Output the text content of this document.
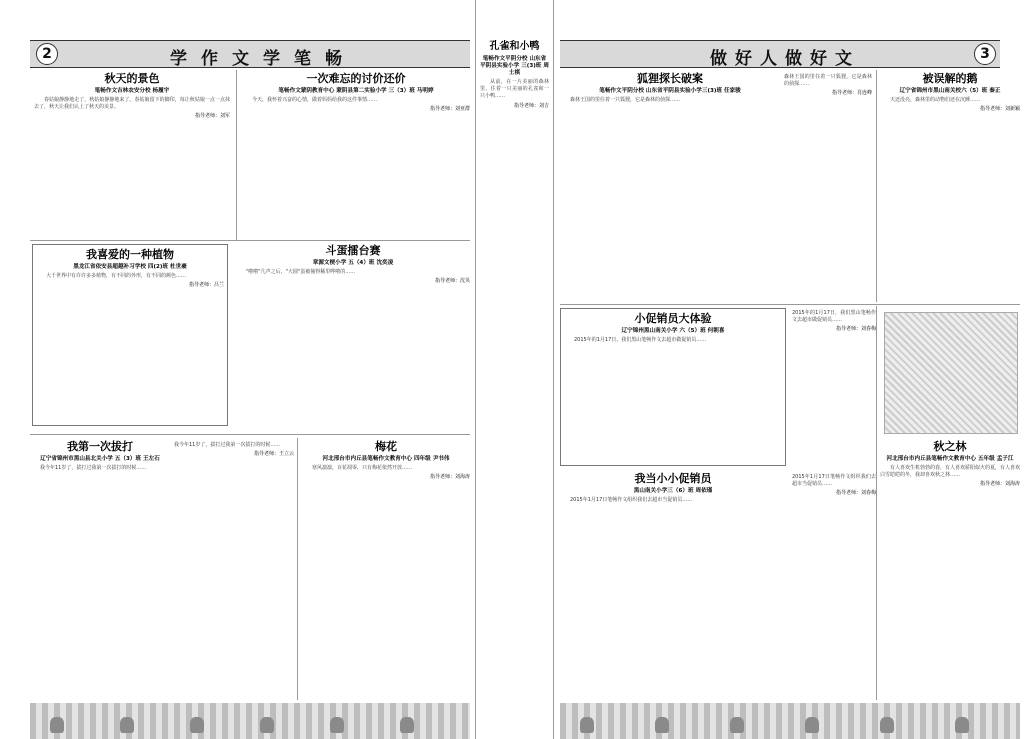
2	学作文学笔畅
秋天的景色
笔畅作文吉林农安分校 杨履宇
春姑娘静静地走了，秋姑娘静静地来了。春姑娘留下的脚印，每让秋姑娘一点一点抹去了，秋天让我们认上了秋天的美景。
指导老师：刘军
一次难忘的讨价还价
笔畅作文蒙阴教育中心 蒙阴县第二实验小学 三（3）班 马明婷
今天，我怀着兴奋的心情，做着妈妈给我的这件事情……
指导老师：刘亚群
我喜爱的一种植物
黑龙江省依安县超越补习学校 四(2)班 杜世豪
大千世界中有许许多多植物，有不同的外形，有不同的颜色……
指导老师：吕兰
斗蛋擂台赛
章源文梗小学 五（4）班 沈奕凌
"啦啦"几声之后，"大圆"蛋被撞得稀里哗啦的……
指导老师：沈贝
我第一次拔打
辽宁省锦州市黑山县北关小学 五（3）班 王左石
我今年11岁了，拔打过我第一次拔打的时候……
我今年11岁了，拔打过我第一次拔打的时候……
指导老师：王立云
梅花
河北邢台市内丘县笔畅作文教育中心 四年级 尹书伟
寒风凛凛，百花凋零，只有梅花依然开放……
指导老师：刘海涛
孔雀和小鸭
笔畅作文平阴分校 山东省平阴县实验小学 三(3)班 周士棋
从前，在一片美丽的森林里，住着一只美丽的孔雀和一只小鸭……
指导老师：刘吉
做好人做好文	3
狐狸探长破案
笔畅作文平阴分校 山东省平阴县实验小学三(3)班 任家骏
森林王国的里住着一只狐狸，它是森林的侦探……
森林王国的里住着一只狐狸，它是森林的侦探……
指导老师：肖连峰
被误解的鹅
辽宁省锦州市黑山南关校六（5）班 秦正
天还没亮，森林里的动物们还在沉睡……
指导老师：刘新颖
小促销员大体验
辽宁锦州黑山南关小学 六（5）班 何朝喜
2015年的1月17日，我们黑山笔畅作文去超市做促销员……
2015年的1月17日，我们黑山笔畅作文去超市做促销员……
指导老师：刘春梅
我当小小促销员
黑山南关小学三（6）班 周依瑾
2015年1月17日笔畅作文组织我们去超市当促销员……
2015年1月17日笔畅作文组织我们去超市当促销员……
指导老师：刘春梅
秋之林
河北邢台市内丘县笔畅作文教育中心 五年级 孟子江
有人喜欢生机勃勃的春，有人喜欢骄阳似火的夏，有人喜欢白雪皑皑的冬，我却喜欢秋之林……
指导老师：刘海涛
